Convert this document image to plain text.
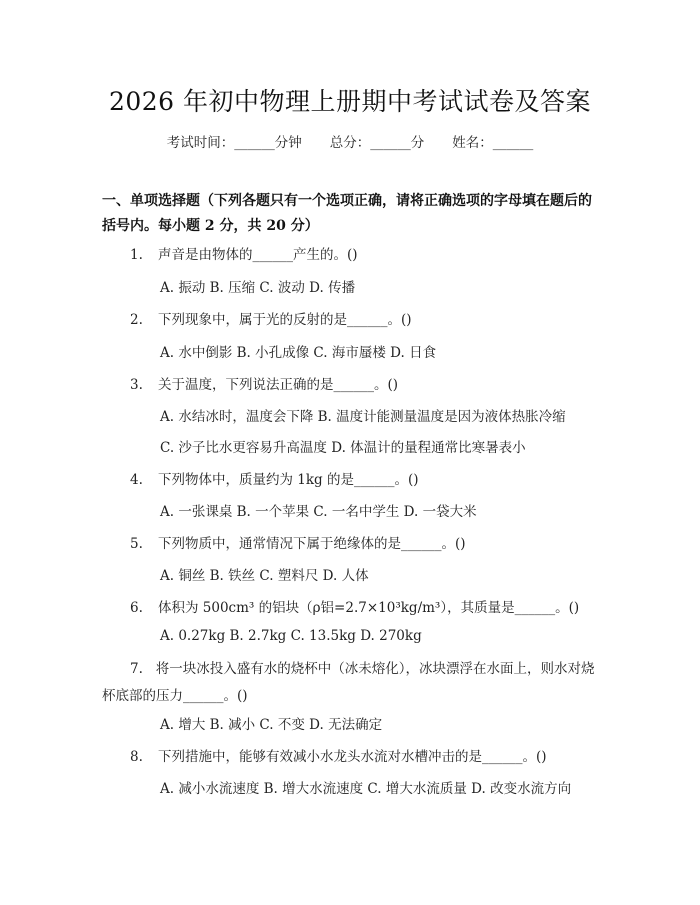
2026 年初中物理上册期中考试试卷及答案
考试时间：______分钟 总分：______分 姓名：______
一、单项选择题（下列各题只有一个选项正确，请将正确选项的字母填在题后的括号内。每小题 2 分，共 20 分）
1. 声音是由物体的______产生的。()
A. 振动 B. 压缩 C. 波动 D. 传播
2. 下列现象中，属于光的反射的是______。()
A. 水中倒影 B. 小孔成像 C. 海市蜃楼 D. 日食
3. 关于温度，下列说法正确的是______。()
A. 水结冰时，温度会下降 B. 温度计能测量温度是因为液体热胀冷缩
C. 沙子比水更容易升高温度 D. 体温计的量程通常比寒暑表小
4. 下列物体中，质量约为 1kg 的是______。()
A. 一张课桌 B. 一个苹果 C. 一名中学生 D. 一袋大米
5. 下列物质中，通常情况下属于绝缘体的是______。()
A. 铜丝 B. 铁丝 C. 塑料尺 D. 人体
6. 体积为 500cm³ 的铝块（ρ铝=2.7×10³kg/m³），其质量是______。()
A. 0.27kg B. 2.7kg C. 13.5kg D. 270kg
7. 将一块冰投入盛有水的烧杯中（冰未熔化），冰块漂浮在水面上，则水对烧杯底部的压力______。()
A. 增大 B. 减小 C. 不变 D. 无法确定
8. 下列措施中，能够有效减小水龙头水流对水槽冲击的是______。()
A. 减小水流速度 B. 增大水流速度 C. 增大水流质量 D. 改变水流方向
